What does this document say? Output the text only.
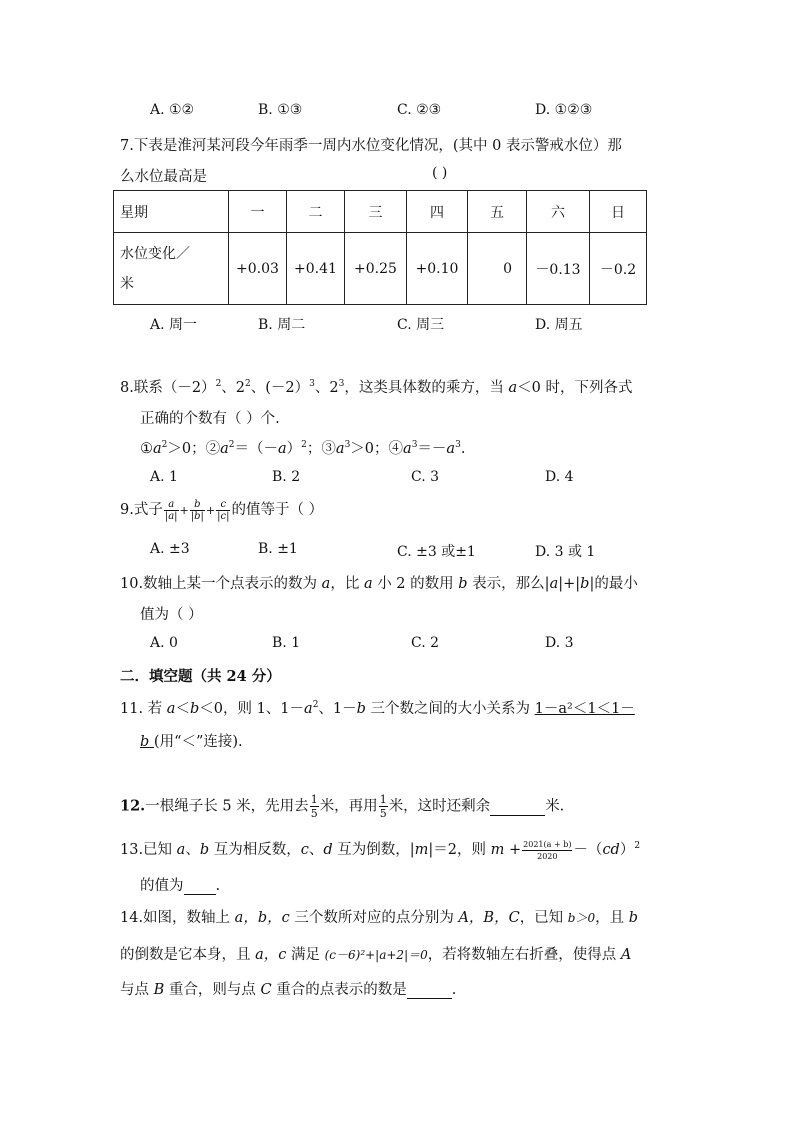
A. ①②	B. ①③	C. ②③	D. ①②③
7.下表是淮河某河段今年雨季一周内水位变化情况，(其中 0 表示警戒水位）那
么水位最高是	( )
星期	一	二	三	四	五	六	日
水位变化／
米	+0.03	+0.41	+0.25	+0.10	0	－0.13	－0.2
A. 周一	B. 周二	C. 周三	D. 周五
8.联系$(-2)^2$、$2^2$、(－2）$^3$、$2^3$，这类具体数的乘方，当 a＜0 时，下列各式
正确的个数有（ ）个.
$①a^2>0$；$②a^2=(-a)^2$；$③a^3>0$；$④a^3=-a^3$.
A. 1	B. 2	C. 3	D. 4
9.式子 $\frac{a}{|a|} + \frac{b}{|b|} + \frac{c}{|c|}$ 的值等于（ ）
A. ±3	B. ±1	C. ±3 或±1	D. 3 或 1
10.数轴上某一个点表示的数为 a，比 a 小 2 的数用 b 表示，那么|a|+|b|的最小
值为（ ）
A. 0	B. 1	C. 2	D. 3
二．填空题（共 24 分）
11. 若 a＜b＜0，则 1、$1-a^2$、1－b 三个数之间的大小关系为 1－a²＜1＜1－
b (用“＜”连接).
12.一根绳子长 5 米，先用去 $\frac{1}{5}$ 米，再用 $\frac{1}{5}$ 米，这时还剩余	米.
13.已知 a、b 互为相反数，c、d 互为倒数，|m|＝2，则 $m + \frac{2021(a + b)}{2020} -(cd)^2$
的值为 .
14.如图，数轴上 a，b，c 三个数所对应的点分别为 A，B，C，已知 b＞0，且 b
的倒数是它本身，且 a，c 满足 (c－6)²+|a+2|＝0，若将数轴左右折叠，使得点 A
与点 B 重合，则与点 C 重合的点表示的数是	.
